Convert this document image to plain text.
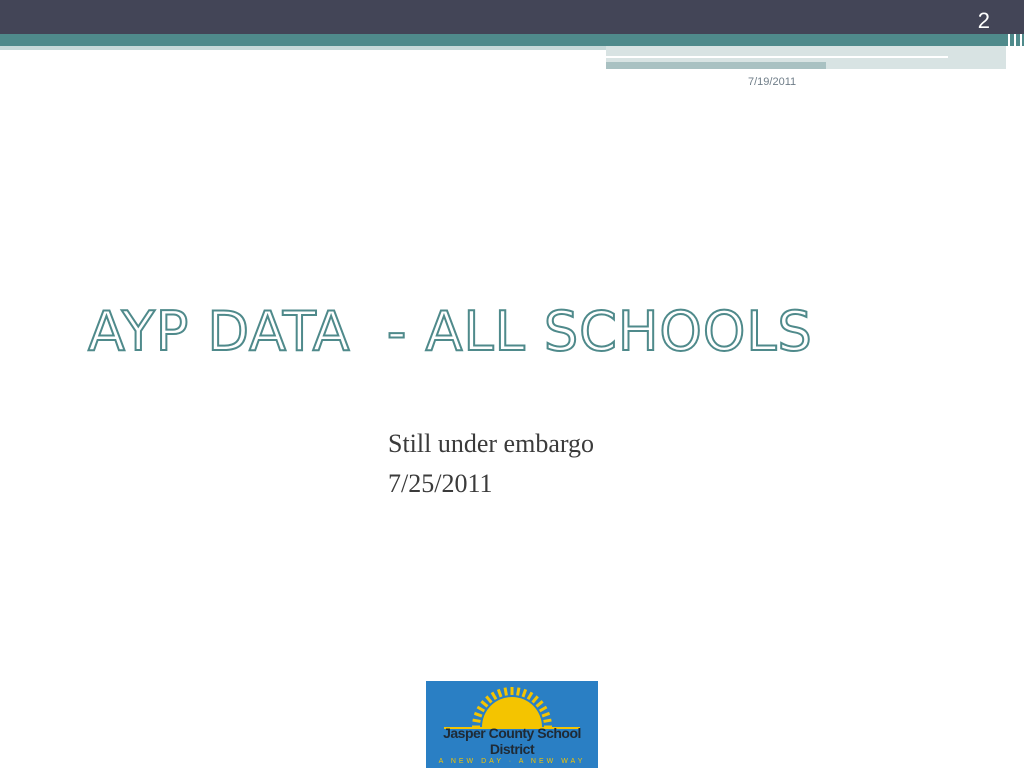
2
7/19/2011
AYP DATA  - ALL SCHOOLS
Still under embargo
7/25/2011
Jasper County School District
A NEW DAY · A NEW WAY
